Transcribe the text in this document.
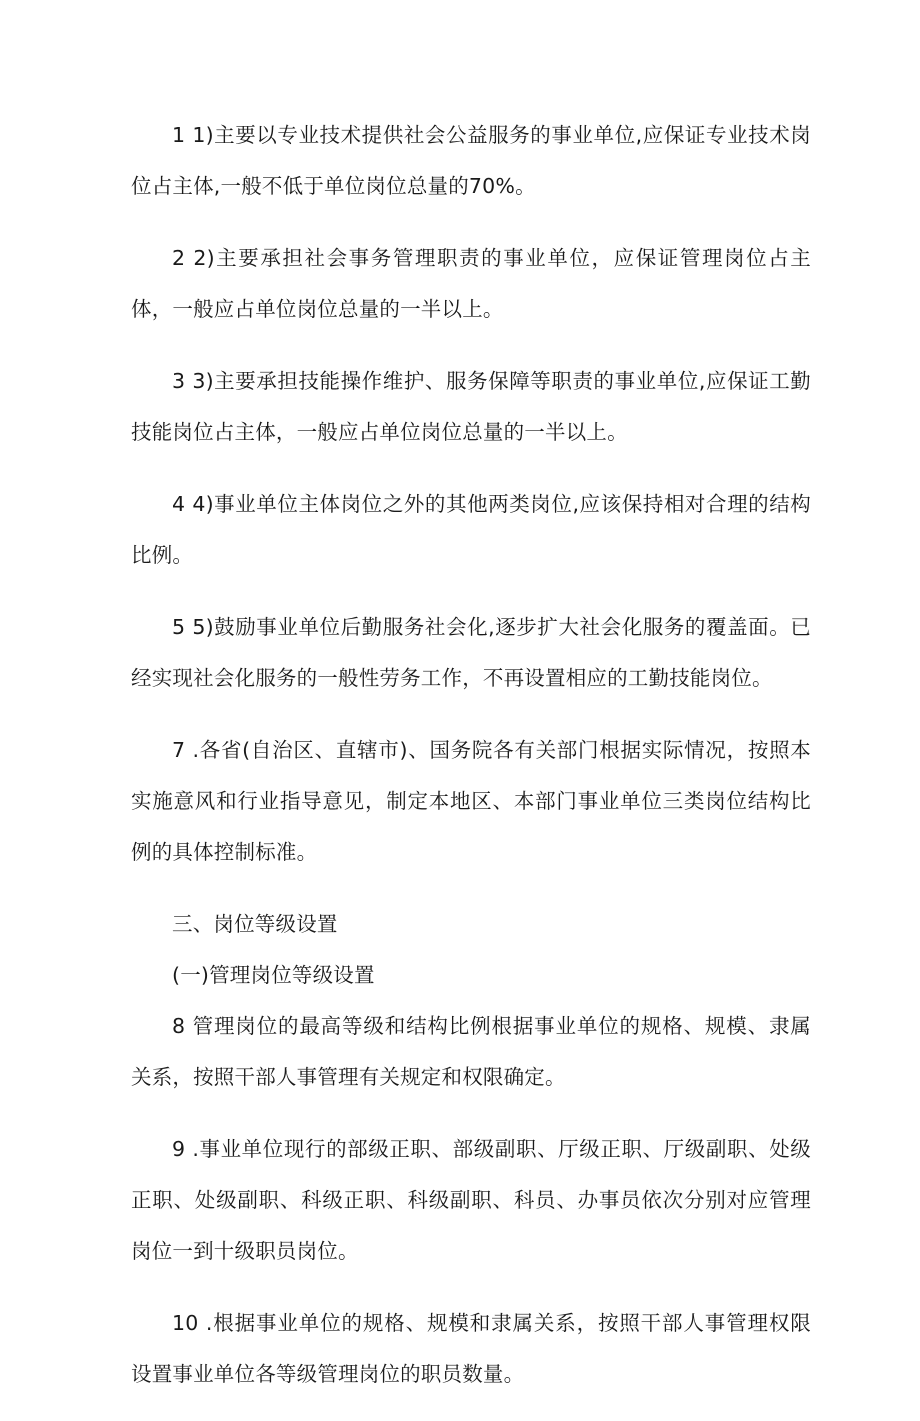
1 1)主要以专业技术提供社会公益服务的事业单位,应保证专业技术岗位占主体,一般不低于单位岗位总量的70%。

2 2)主要承担社会事务管理职责的事业单位，应保证管理岗位占主体，一般应占单位岗位总量的一半以上。

3 3)主要承担技能操作维护、服务保障等职责的事业单位,应保证工勤技能岗位占主体，一般应占单位岗位总量的一半以上。

4 4)事业单位主体岗位之外的其他两类岗位,应该保持相对合理的结构比例。

5 5)鼓励事业单位后勤服务社会化,逐步扩大社会化服务的覆盖面。已经实现社会化服务的一般性劳务工作，不再设置相应的工勤技能岗位。

7 .各省(自治区、直辖市)、国务院各有关部门根据实际情况，按照本实施意风和行业指导意见，制定本地区、本部门事业单位三类岗位结构比例的具体控制标准。

三、岗位等级设置

(一)管理岗位等级设置

8 管理岗位的最高等级和结构比例根据事业单位的规格、规模、隶属关系，按照干部人事管理有关规定和权限确定。

9 .事业单位现行的部级正职、部级副职、厅级正职、厅级副职、处级正职、处级副职、科级正职、科级副职、科员、办事员依次分别对应管理岗位一到十级职员岗位。

10 .根据事业单位的规格、规模和隶属关系，按照干部人事管理权限设置事业单位各等级管理岗位的职员数量。
